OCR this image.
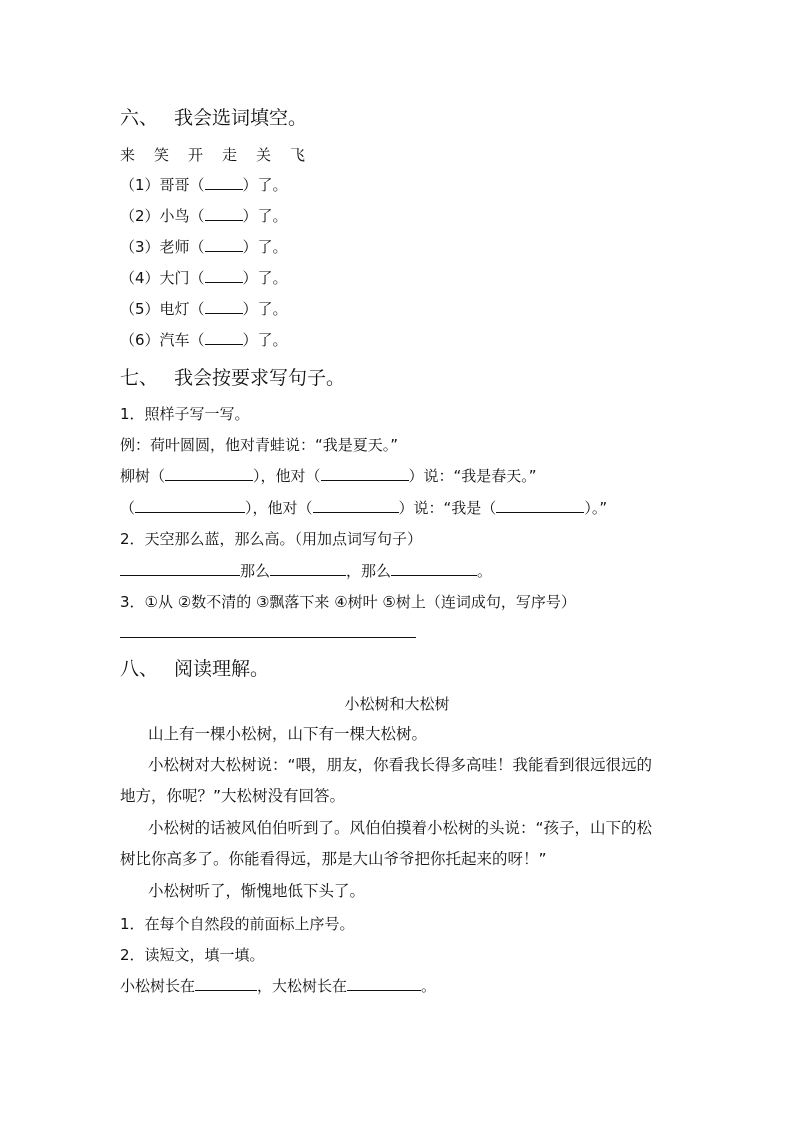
六、 我会选词填空。
来　笑　开　走　关　飞
（1）哥哥（	）了。
（2）小鸟（	）了。
（3）老师（	）了。
（4）大门（	）了。
（5）电灯（	）了。
（6）汽车（	）了。
七、 我会按要求写句子。
1．照样子写一写。
例：荷叶圆圆，他对青蛙说：“我是夏天。”
柳树（	），他对（	）说：“我是春天。”
（	），他对（	）说：“我是（	）。”
2．天空那么蓝，那么高。（用加点词写句子）
那么	，那么	。
3．①从 ②数不清的 ③飘落下来 ④树叶 ⑤树上（连词成句，写序号）
八、 阅读理解。
小松树和大松树
山上有一棵小松树，山下有一棵大松树。
小松树对大松树说：“喂，朋友，你看我长得多高哇！我能看到很远很远的地方，你呢？”大松树没有回答。
小松树的话被风伯伯听到了。风伯伯摸着小松树的头说：“孩子，山下的松树比你高多了。你能看得远，那是大山爷爷把你托起来的呀！”
小松树听了，惭愧地低下头了。
1．在每个自然段的前面标上序号。
2．读短文，填一填。
小松树长在	，大松树长在	。
